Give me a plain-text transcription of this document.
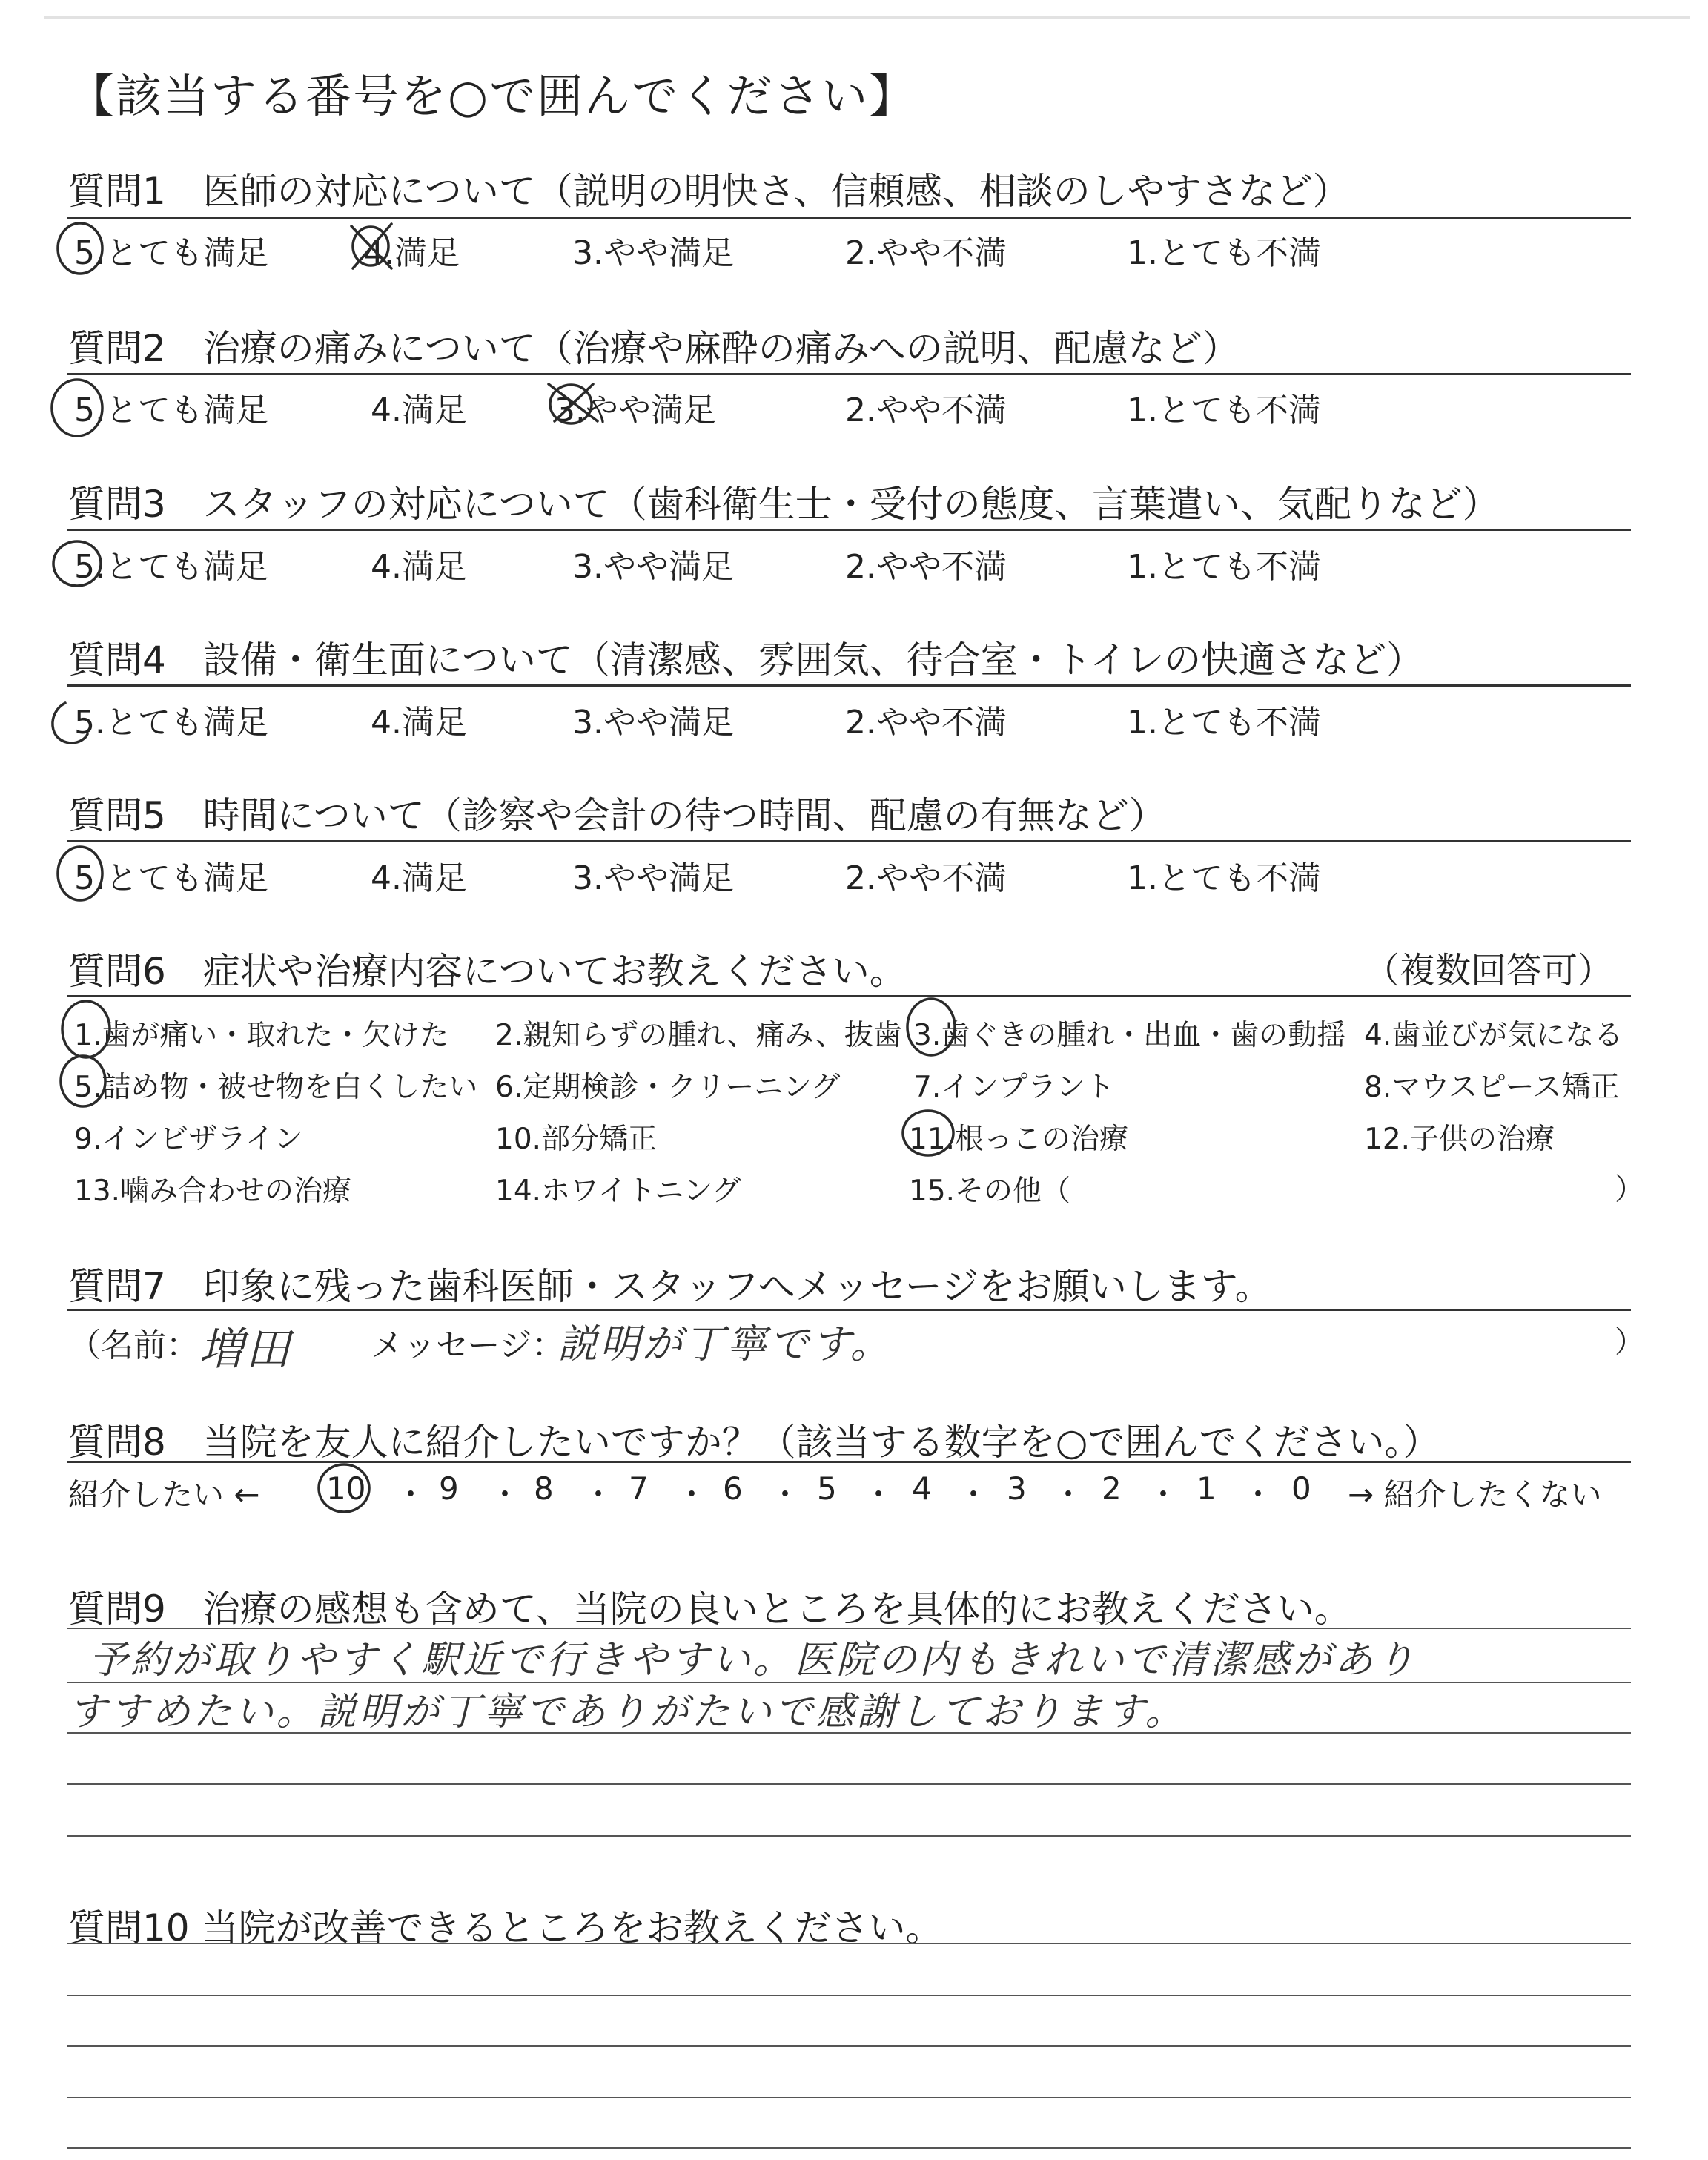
【該当する番号を○で囲んでください】
質問1　医師の対応について（説明の明快さ、信頼感、相談のしやすさなど）
5.とても満足	4.満足	3.やや満足	2.やや不満	1.とても不満
質問2　治療の痛みについて（治療や麻酔の痛みへの説明、配慮など）
5.とても満足	4.満足	3.やや満足	2.やや不満	1.とても不満
質問3　スタッフの対応について（歯科衛生士・受付の態度、言葉遣い、気配りなど）
5.とても満足	4.満足	3.やや満足	2.やや不満	1.とても不満
質問4　設備・衛生面について（清潔感、雰囲気、待合室・トイレの快適さなど）
5.とても満足	4.満足	3.やや満足	2.やや不満	1.とても不満
質問5　時間について（診察や会計の待つ時間、配慮の有無など）
5.とても満足	4.満足	3.やや満足	2.やや不満	1.とても不満
質問6　症状や治療内容についてお教えください。	（複数回答可）
1.歯が痛い・取れた・欠けた 2.親知らずの腫れ、痛み、抜歯 3.歯ぐきの腫れ・出血・歯の動揺 4.歯並びが気になる
5.詰め物・被せ物を白くしたい 6.定期検診・クリーニング	7.インプラント	8.マウスピース矯正
9.インビザライン	10.部分矯正	11.根っこの治療	12.子供の治療
13.噛み合わせの治療	14.ホワイトニング	15.その他（	）
質問7　印象に残った歯科医師・スタッフへメッセージをお願いします。
（名前： 増田 メッセージ：
説明が丁寧です。	）
質問8　当院を友人に紹介したいですか？（該当する数字を○で囲んでください。）
紹介したい ← 10 ・ 9 ・ 8 ・ 7 ・ 6 ・ 5 ・ 4 ・ 3 ・ 2 ・ 1 ・ 0 → 紹介したくない
質問9　治療の感想も含めて、当院の良いところを具体的にお教えください。
予約が取りやすく駅近で行きやすい。医院の内もきれいで清潔感があり
すすめたい。説明が丁寧でありがたいで感謝しております。
質問10 当院が改善できるところをお教えください。
